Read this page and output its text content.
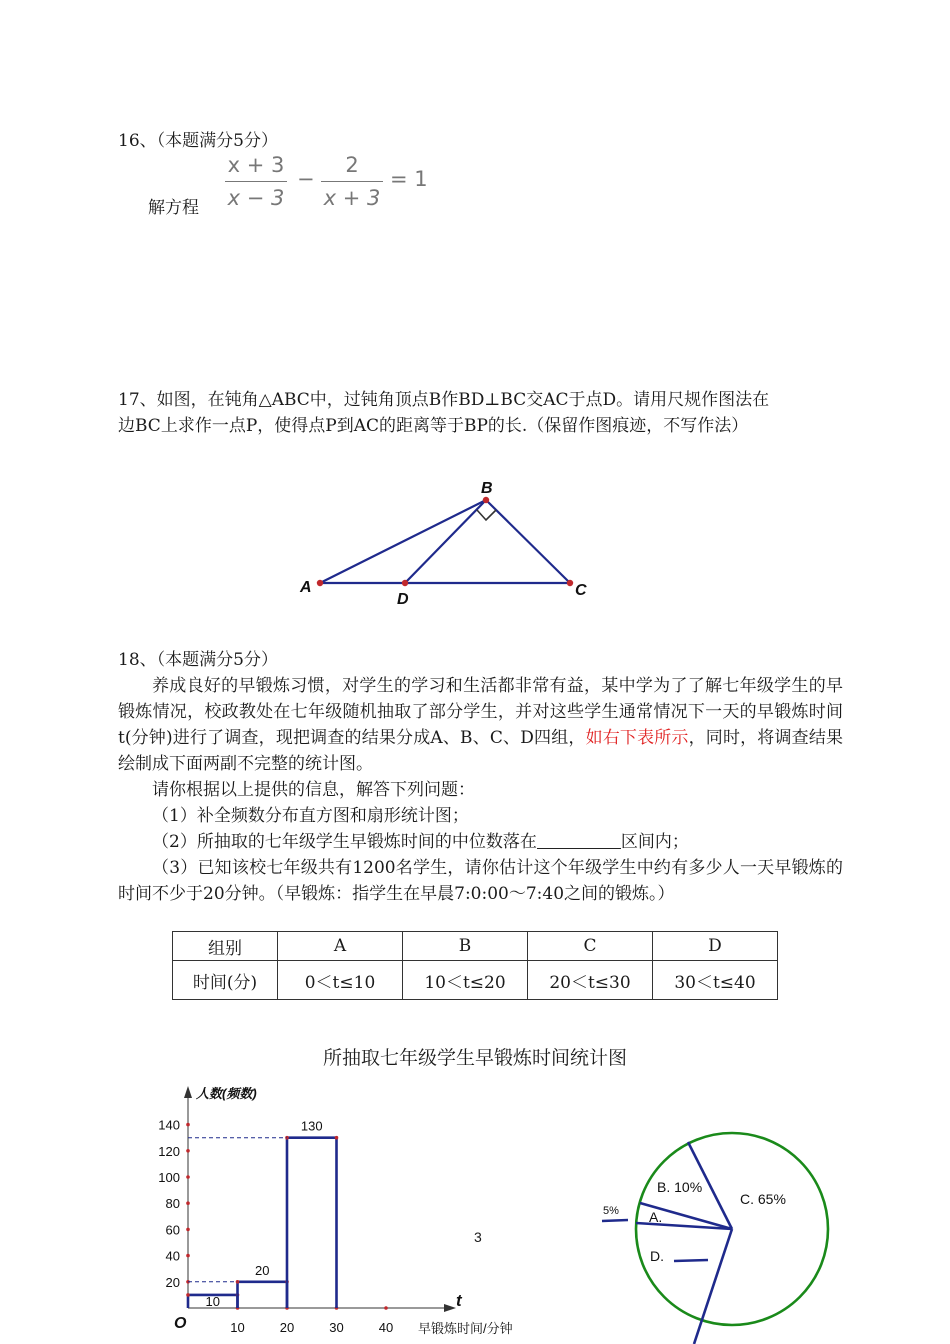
16、（本题满分5分）
解方程
x + 3
x − 3
−
2
x + 3
= 1
17、如图，在钝角△ABC中，过钝角顶点B作BD⊥BC交AC于点D。请用尺规作图法在
边BC上求作一点P，使得点P到AC的距离等于BP的长.（保留作图痕迹，不写作法）
A
B
C
D
18、（本题满分5分）
养成良好的早锻炼习惯，对学生的学习和生活都非常有益，某中学为了了解七年级学生的早锻炼情况，校政教处在七年级随机抽取了部分学生，并对这些学生通常情况下一天的早锻炼时间t(分钟)进行了调查，现把调查的结果分成A、B、C、D四组，如右下表所示，同时，将调查结果绘制成下面两副不完整的统计图。
请你根据以上提供的信息，解答下列问题：
（1）补全频数分布直方图和扇形统计图；
（2）所抽取的七年级学生早锻炼时间的中位数落在	区间内；
（3）已知该校七年级共有1200名学生，请你估计这个年级学生中约有多少人一天早锻炼的时间不少于20分钟。（早锻炼：指学生在早晨7:0:00～7:40之间的锻炼。）
组别	A	B	C	D
时间(分)	0＜t≤10	10＜t≤20	20＜t≤30	30＜t≤40
所抽取七年级学生早锻炼时间统计图
3
20
40
60
80
100
120
140
10	20	30	40
10
20
130
人数(频数)
t
O	早锻炼时间/分钟
B. 10%
C. 65%
A.
D.
5%
